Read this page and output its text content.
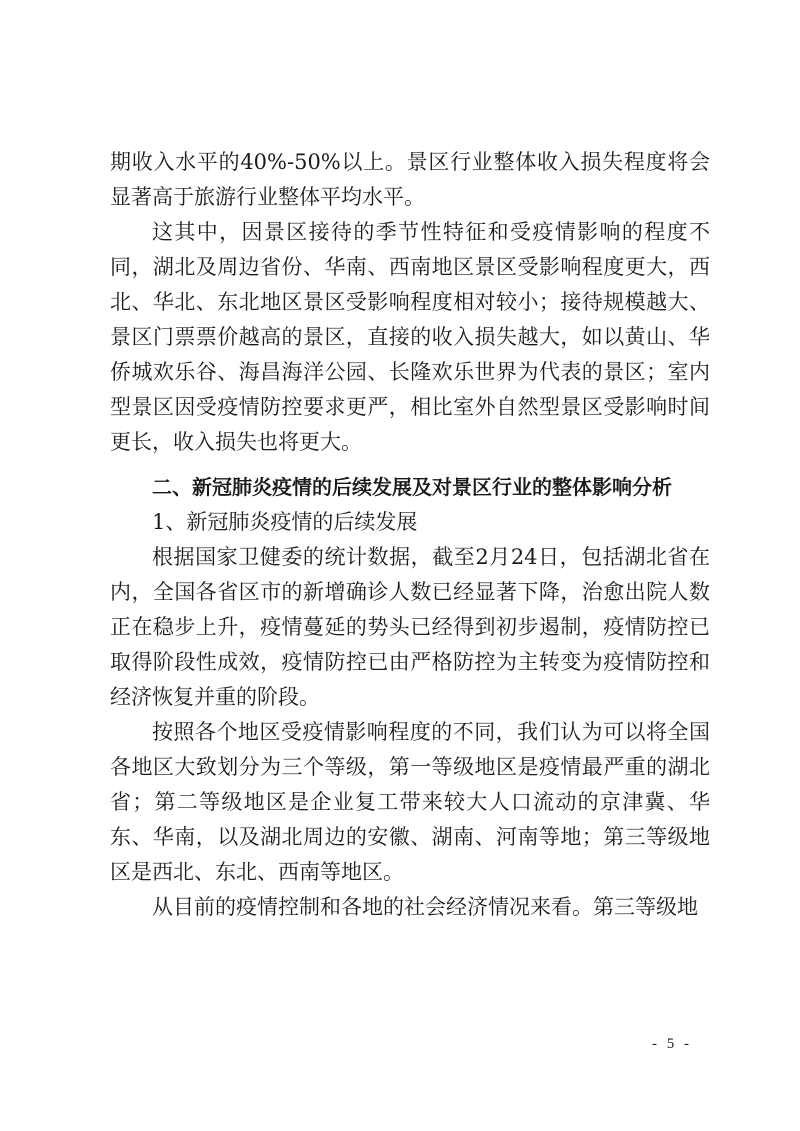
期收入水平的40%-50%以上。景区行业整体收入损失程度将会显著高于旅游行业整体平均水平。

这其中，因景区接待的季节性特征和受疫情影响的程度不同，湖北及周边省份、华南、西南地区景区受影响程度更大，西北、华北、东北地区景区受影响程度相对较小；接待规模越大、景区门票票价越高的景区，直接的收入损失越大，如以黄山、华侨城欢乐谷、海昌海洋公园、长隆欢乐世界为代表的景区；室内型景区因受疫情防控要求更严，相比室外自然型景区受影响时间更长，收入损失也将更大。

二、新冠肺炎疫情的后续发展及对景区行业的整体影响分析

1、新冠肺炎疫情的后续发展

根据国家卫健委的统计数据，截至2月24日，包括湖北省在内，全国各省区市的新增确诊人数已经显著下降，治愈出院人数正在稳步上升，疫情蔓延的势头已经得到初步遏制，疫情防控已取得阶段性成效，疫情防控已由严格防控为主转变为疫情防控和经济恢复并重的阶段。

按照各个地区受疫情影响程度的不同，我们认为可以将全国各地区大致划分为三个等级，第一等级地区是疫情最严重的湖北省；第二等级地区是企业复工带来较大人口流动的京津冀、华东、华南，以及湖北周边的安徽、湖南、河南等地；第三等级地区是西北、东北、西南等地区。

从目前的疫情控制和各地的社会经济情况来看。第三等级地

- 5 -
